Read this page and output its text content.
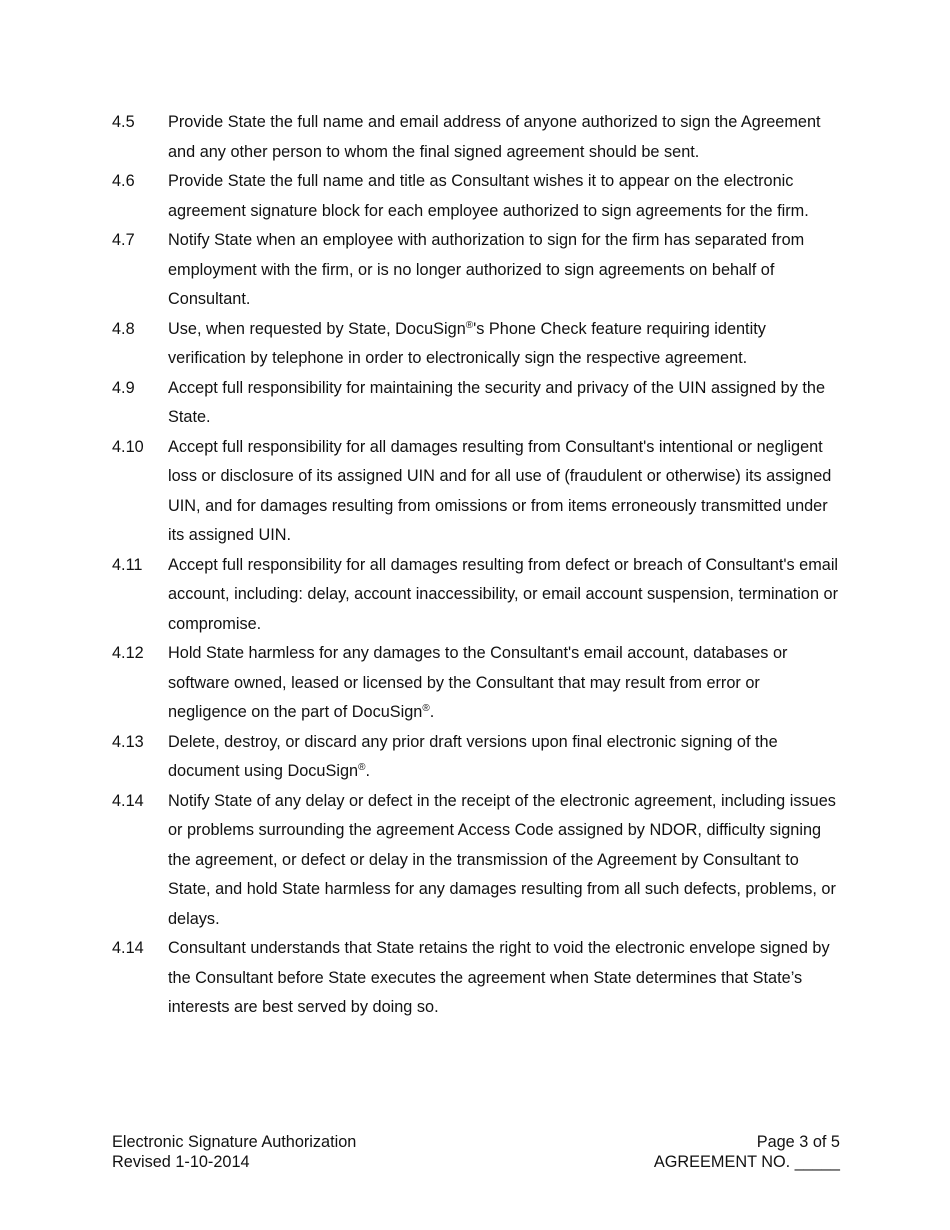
4.5	Provide State the full name and email address of anyone authorized to sign the Agreement and any other person to whom the final signed agreement should be sent.
4.6	Provide State the full name and title as Consultant wishes it to appear on the electronic agreement signature block for each employee authorized to sign agreements for the firm.
4.7	Notify State when an employee with authorization to sign for the firm has separated from employment with the firm, or is no longer authorized to sign agreements on behalf of Consultant.
4.8	Use, when requested by State, DocuSign®'s Phone Check feature requiring identity verification by telephone in order to electronically sign the respective agreement.
4.9	Accept full responsibility for maintaining the security and privacy of the UIN assigned by the State.
4.10	Accept full responsibility for all damages resulting from Consultant's intentional or negligent loss or disclosure of its assigned UIN and for all use of (fraudulent or otherwise) its assigned UIN, and for damages resulting from omissions or from items erroneously transmitted under its assigned UIN.
4.11	Accept full responsibility for all damages resulting from defect or breach of Consultant's email account, including: delay, account inaccessibility, or email account suspension, termination or compromise.
4.12	Hold State harmless for any damages to the Consultant's email account, databases or software owned, leased or licensed by the Consultant that may result from error or negligence on the part of DocuSign®.
4.13	Delete, destroy, or discard any prior draft versions upon final electronic signing of the document using DocuSign®.
4.14	Notify State of any delay or defect in the receipt of the electronic agreement, including issues or problems surrounding the agreement Access Code assigned by NDOR, difficulty signing the agreement, or defect or delay in the transmission of the Agreement by Consultant to State, and hold State harmless for any damages resulting from all such defects, problems, or delays.
4.14	Consultant understands that State retains the right to void the electronic envelope signed by the Consultant before State executes the agreement when State determines that State’s interests are best served by doing so.
Electronic Signature Authorization
Revised 1-10-2014
Page 3 of 5
AGREEMENT NO. _____
